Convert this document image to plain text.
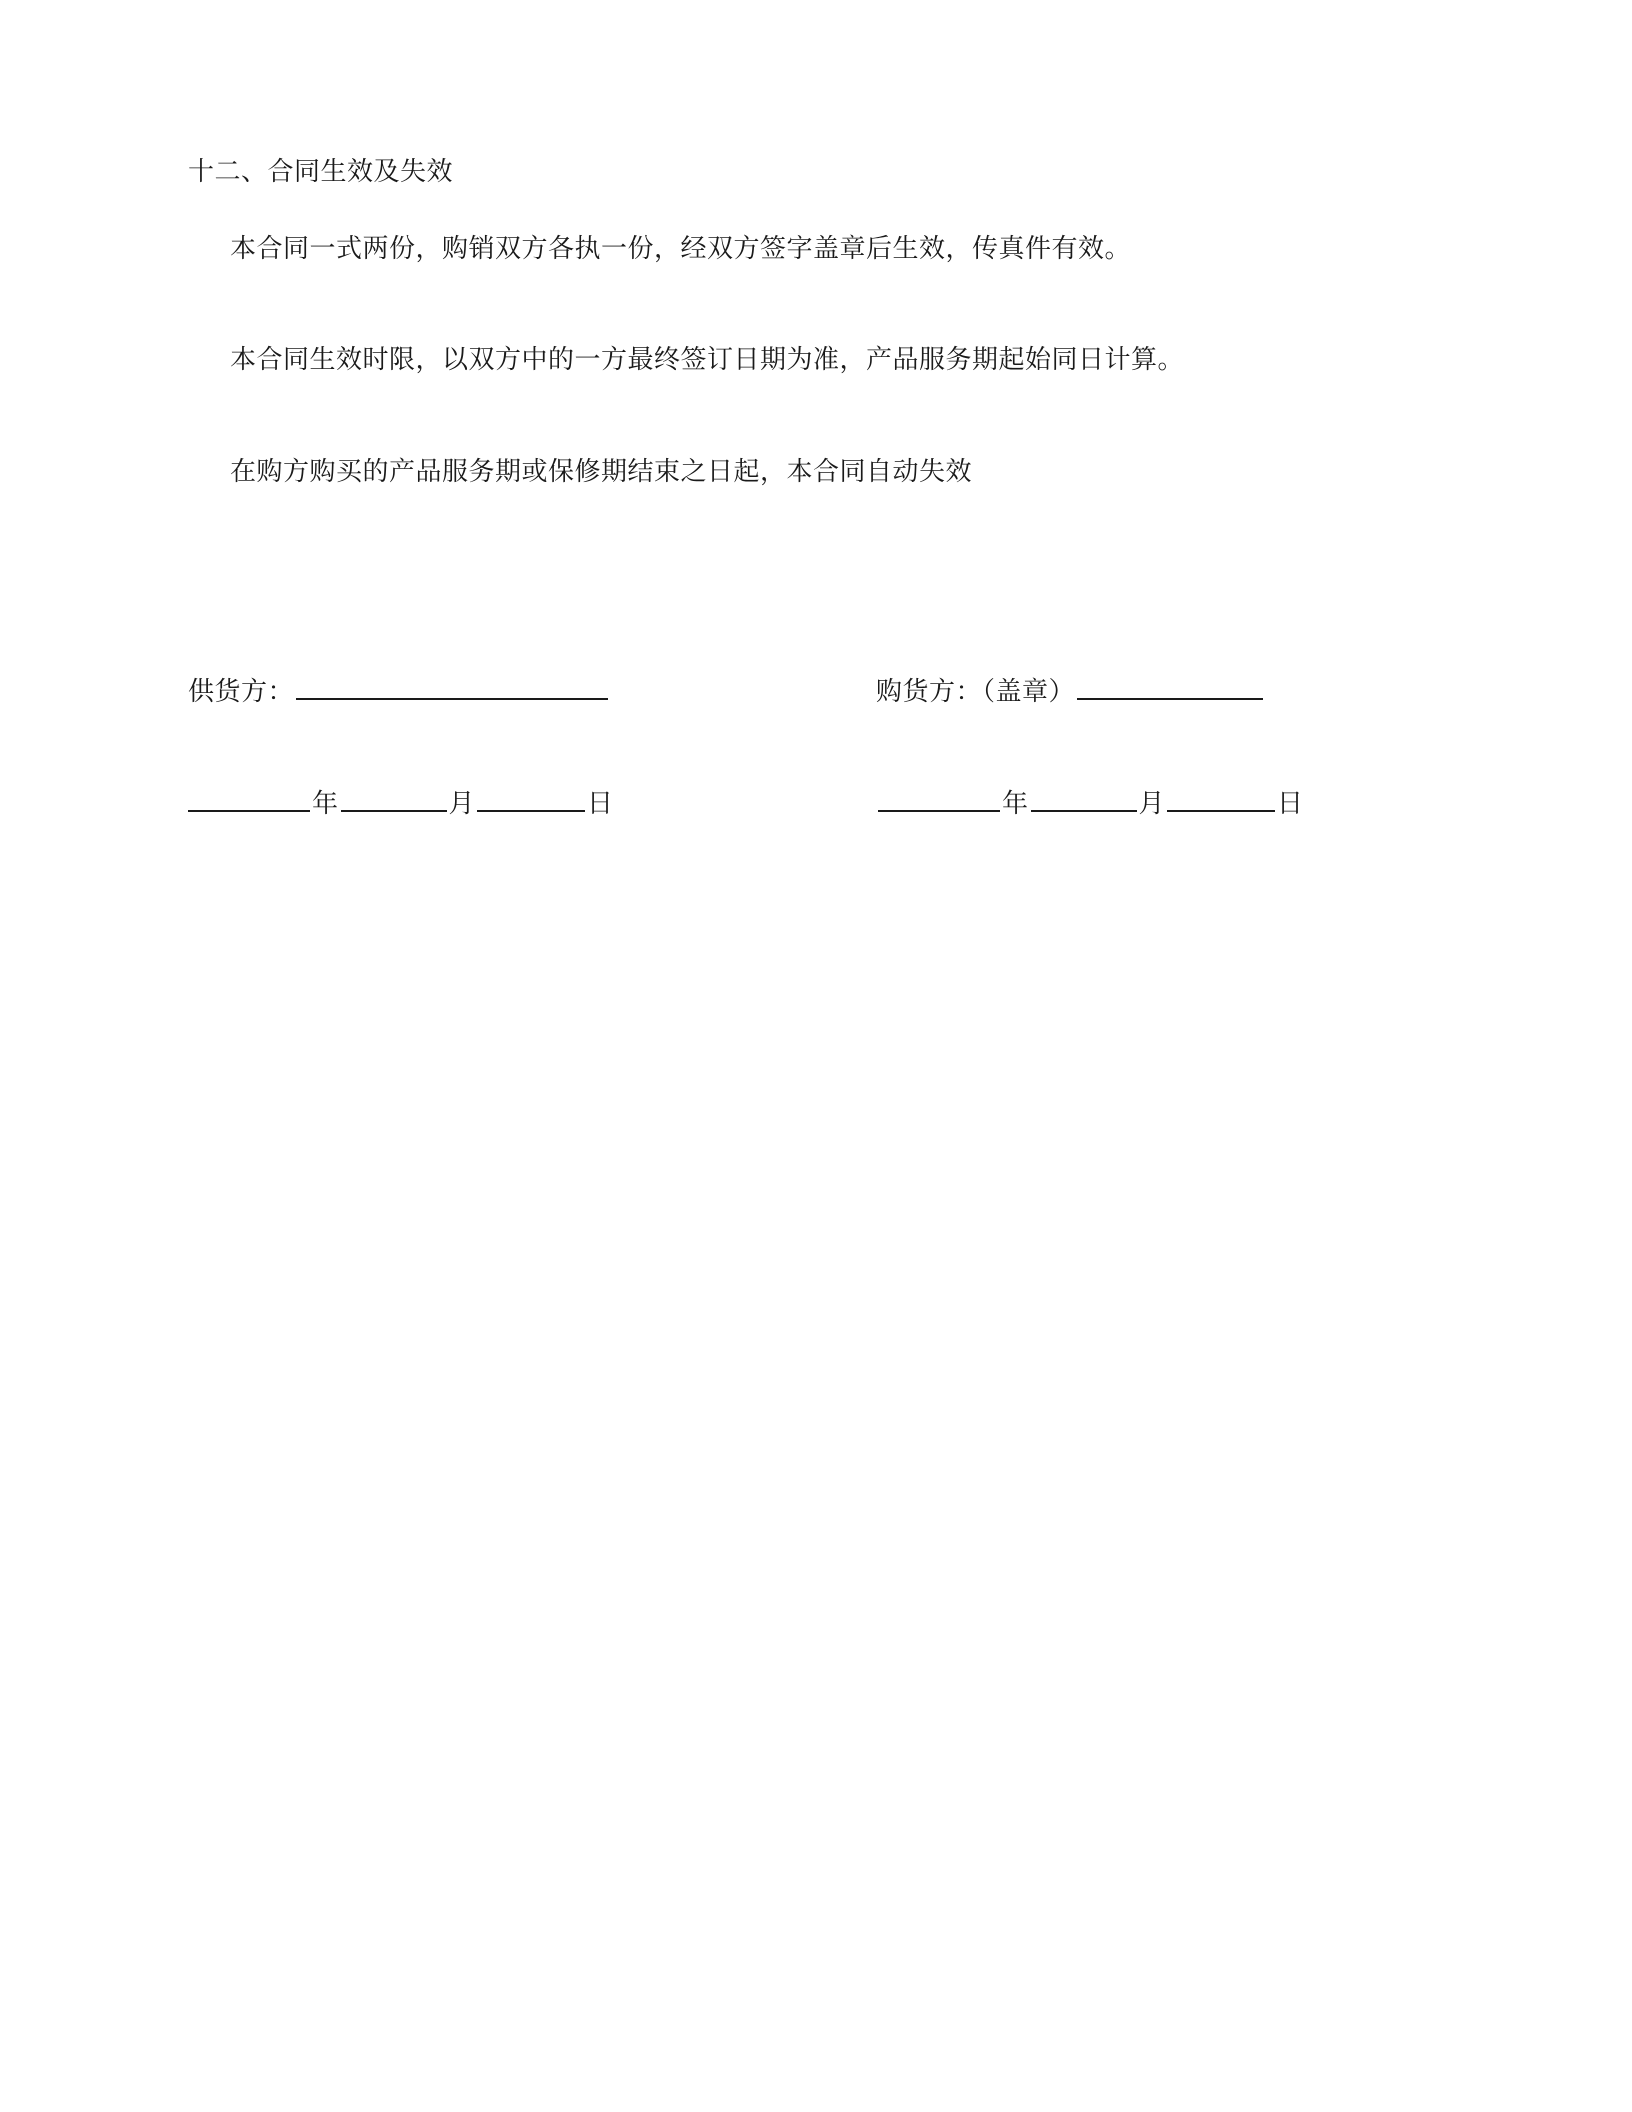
十二、合同生效及失效
本合同一式两份，购销双方各执一份，经双方签字盖章后生效，传真件有效。
本合同生效时限，以双方中的一方最终签订日期为准，产品服务期起始同日计算。
在购方购买的产品服务期或保修期结束之日起，本合同自动失效
供货方：	购货方：（盖章）
年	月	日	年	月	日
